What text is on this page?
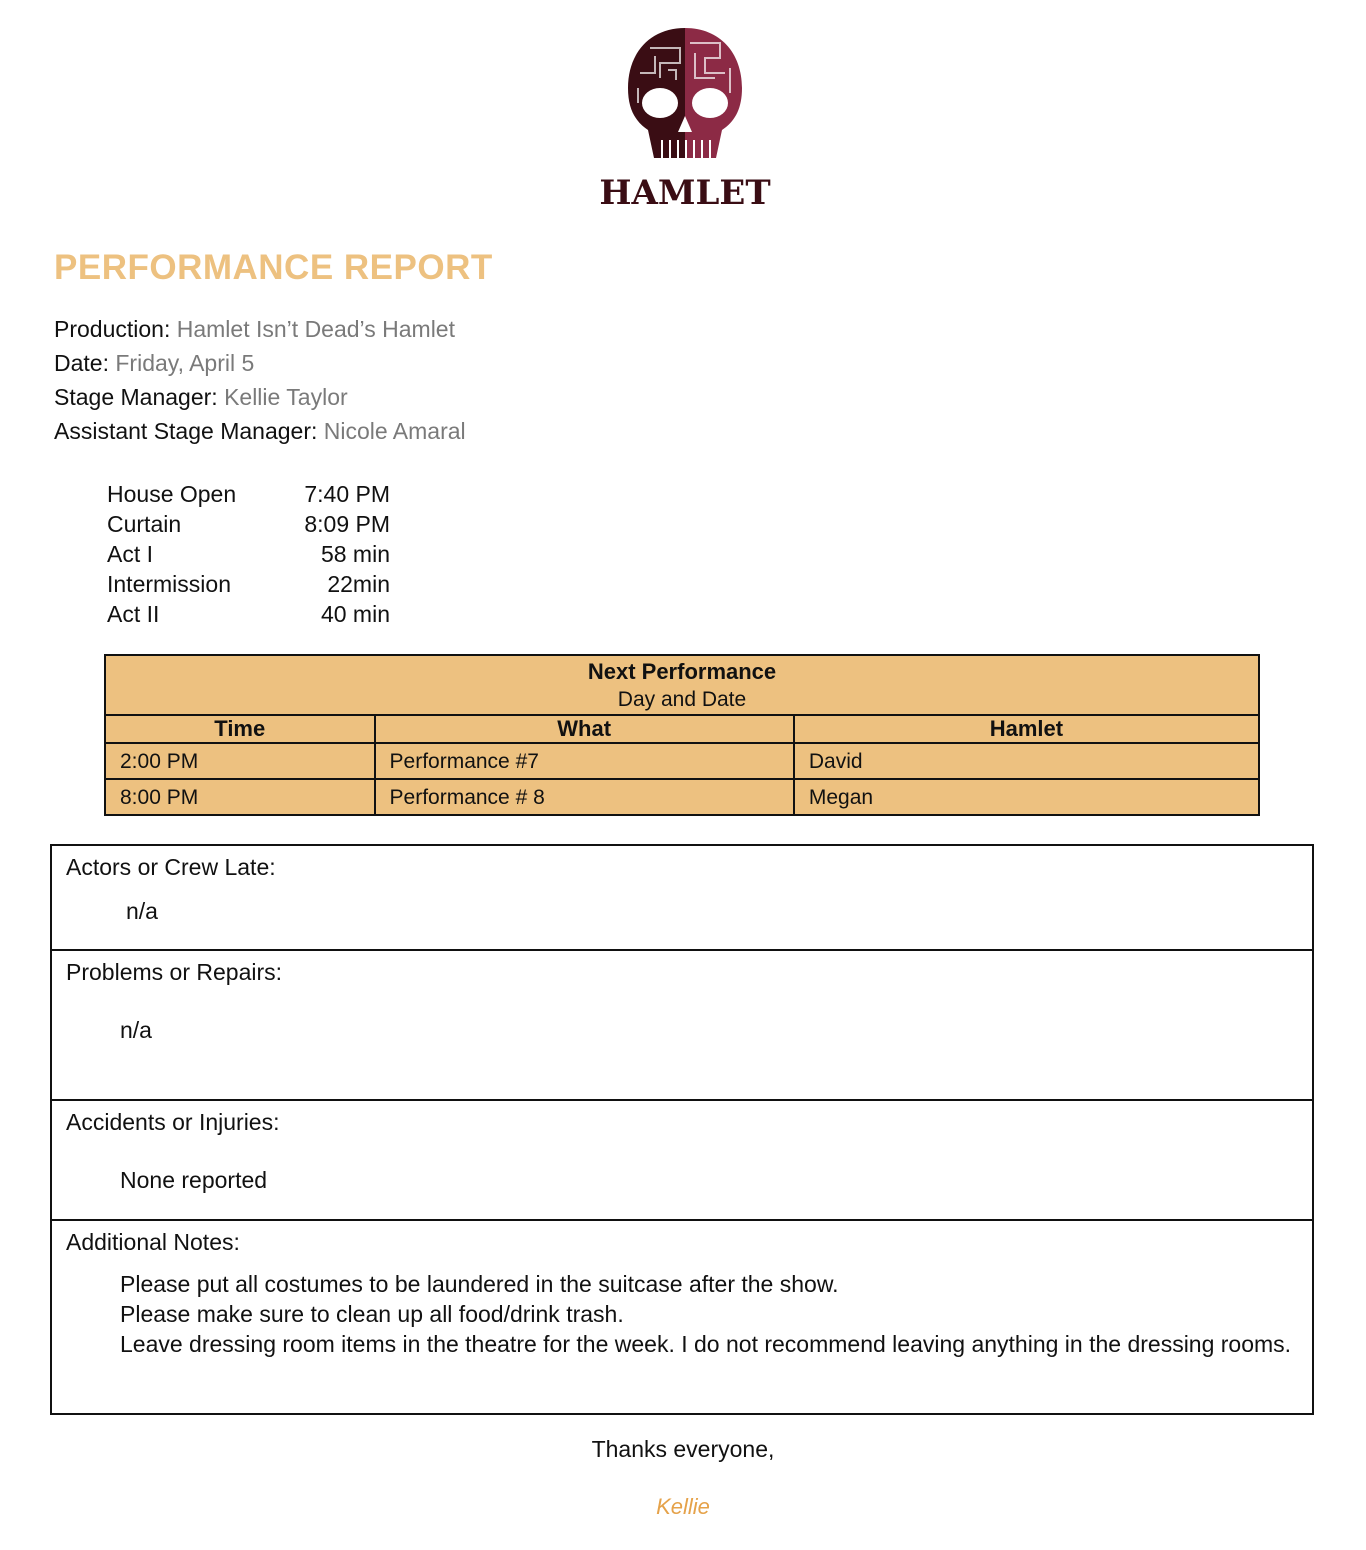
HAMLET
PERFORMANCE REPORT
Production: Hamlet Isn’t Dead’s Hamlet
Date: Friday, April 5
Stage Manager: Kellie Taylor
Assistant Stage Manager: Nicole Amaral
House Open	7:40 PM
Curtain	8:09 PM
Act I	58 min
Intermission	22min
Act II	40 min
Next Performance
Day and Date		

Time	What	Hamlet
2:00 PM	Performance #7	David
8:00 PM	Performance # 8	Megan
Actors or Crew Late:
n/a
Problems or Repairs:
n/a
Accidents or Injuries:
None reported
Additional Notes:

Please put all costumes to be laundered in the suitcase after the show.

Please make sure to clean up all food/drink trash.

Leave dressing room items in the theatre for the week. I do not recommend leaving anything in the dressing rooms.

Thanks everyone,
Kellie
